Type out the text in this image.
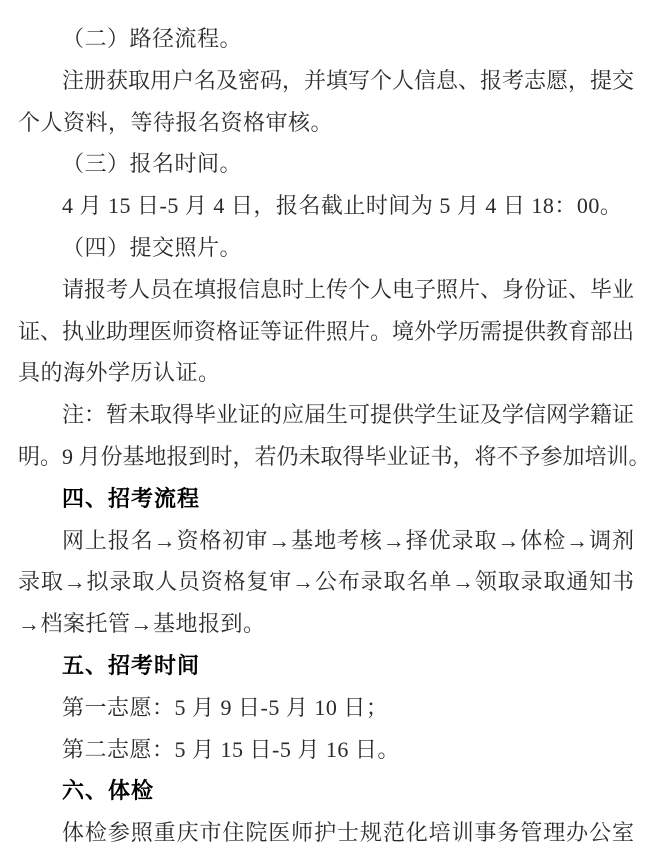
（二）路径流程。
注册获取用户名及密码，并填写个人信息、报考志愿，提交
个人资料，等待报名资格审核。
（三）报名时间。
4 月 15 日-5 月 4 日，报名截止时间为 5 月 4 日 18：00。
（四）提交照片。
请报考人员在填报信息时上传个人电子照片、身份证、毕业
证、执业助理医师资格证等证件照片。境外学历需提供教育部出
具的海外学历认证。
注：暂未取得毕业证的应届生可提供学生证及学信网学籍证
明。9 月份基地报到时，若仍未取得毕业证书，将不予参加培训。
四、招考流程
网上报名→资格初审→基地考核→择优录取→体检→调剂
录取→拟录取人员资格复审→公布录取名单→领取录取通知书
→档案托管→基地报到。
五、招考时间
第一志愿：5 月 9 日-5 月 10 日；
第二志愿：5 月 15 日-5 月 16 日。
六、体检
体检参照重庆市住院医师护士规范化培训事务管理办公室
